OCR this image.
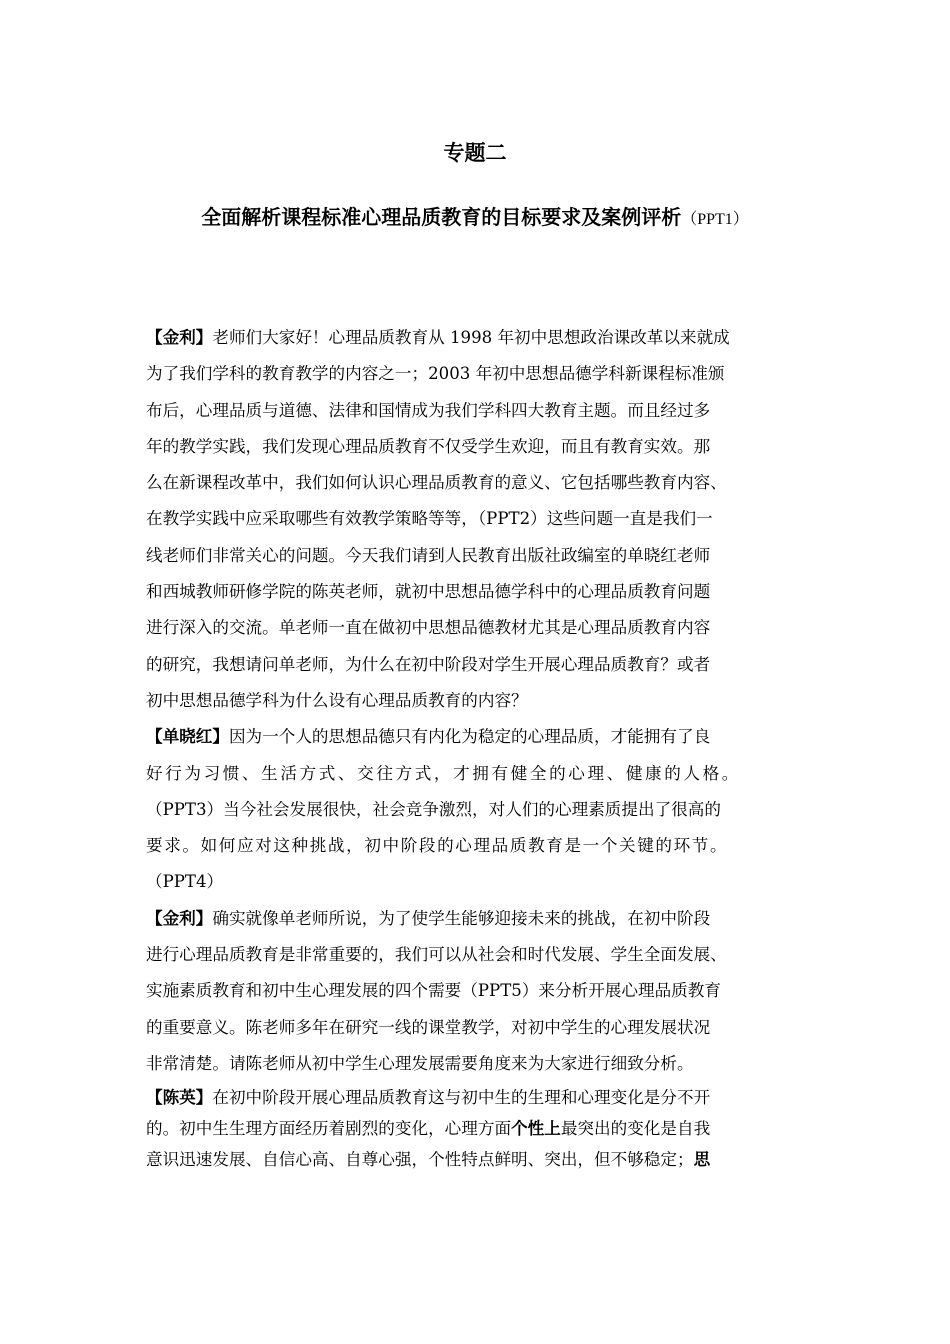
专题二
全面解析课程标准心理品质教育的目标要求及案例评析（PPT1）
【金利】老师们大家好！心理品质教育从 1998 年初中思想政治课改革以来就成
为了我们学科的教育教学的内容之一；2003 年初中思想品德学科新课程标准颁
布后，心理品质与道德、法律和国情成为我们学科四大教育主题。而且经过多
年的教学实践，我们发现心理品质教育不仅受学生欢迎，而且有教育实效。那
么在新课程改革中，我们如何认识心理品质教育的意义、它包括哪些教育内容、
在教学实践中应采取哪些有效教学策略等等，（PPT2）这些问题一直是我们一
线老师们非常关心的问题。今天我们请到人民教育出版社政编室的单晓红老师
和西城教师研修学院的陈英老师，就初中思想品德学科中的心理品质教育问题
进行深入的交流。单老师一直在做初中思想品德教材尤其是心理品质教育内容
的研究，我想请问单老师，为什么在初中阶段对学生开展心理品质教育？或者
初中思想品德学科为什么设有心理品质教育的内容？
【单晓红】因为一个人的思想品德只有内化为稳定的心理品质，才能拥有了良
好行为习惯、生活方式、交往方式，才拥有健全的心理、健康的人格。
（PPT3）当今社会发展很快，社会竞争激烈，对人们的心理素质提出了很高的
要求。如何应对这种挑战，初中阶段的心理品质教育是一个关键的环节。
（PPT4）
【金利】确实就像单老师所说，为了使学生能够迎接未来的挑战，在初中阶段
进行心理品质教育是非常重要的，我们可以从社会和时代发展、学生全面发展、
实施素质教育和初中生心理发展的四个需要（PPT5）来分析开展心理品质教育
的重要意义。陈老师多年在研究一线的课堂教学，对初中学生的心理发展状况
非常清楚。请陈老师从初中学生心理发展需要角度来为大家进行细致分析。
【陈英】在初中阶段开展心理品质教育这与初中生的生理和心理变化是分不开
的。初中生生理方面经历着剧烈的变化，心理方面个性上最突出的变化是自我
意识迅速发展、自信心高、自尊心强，个性特点鲜明、突出，但不够稳定；思
